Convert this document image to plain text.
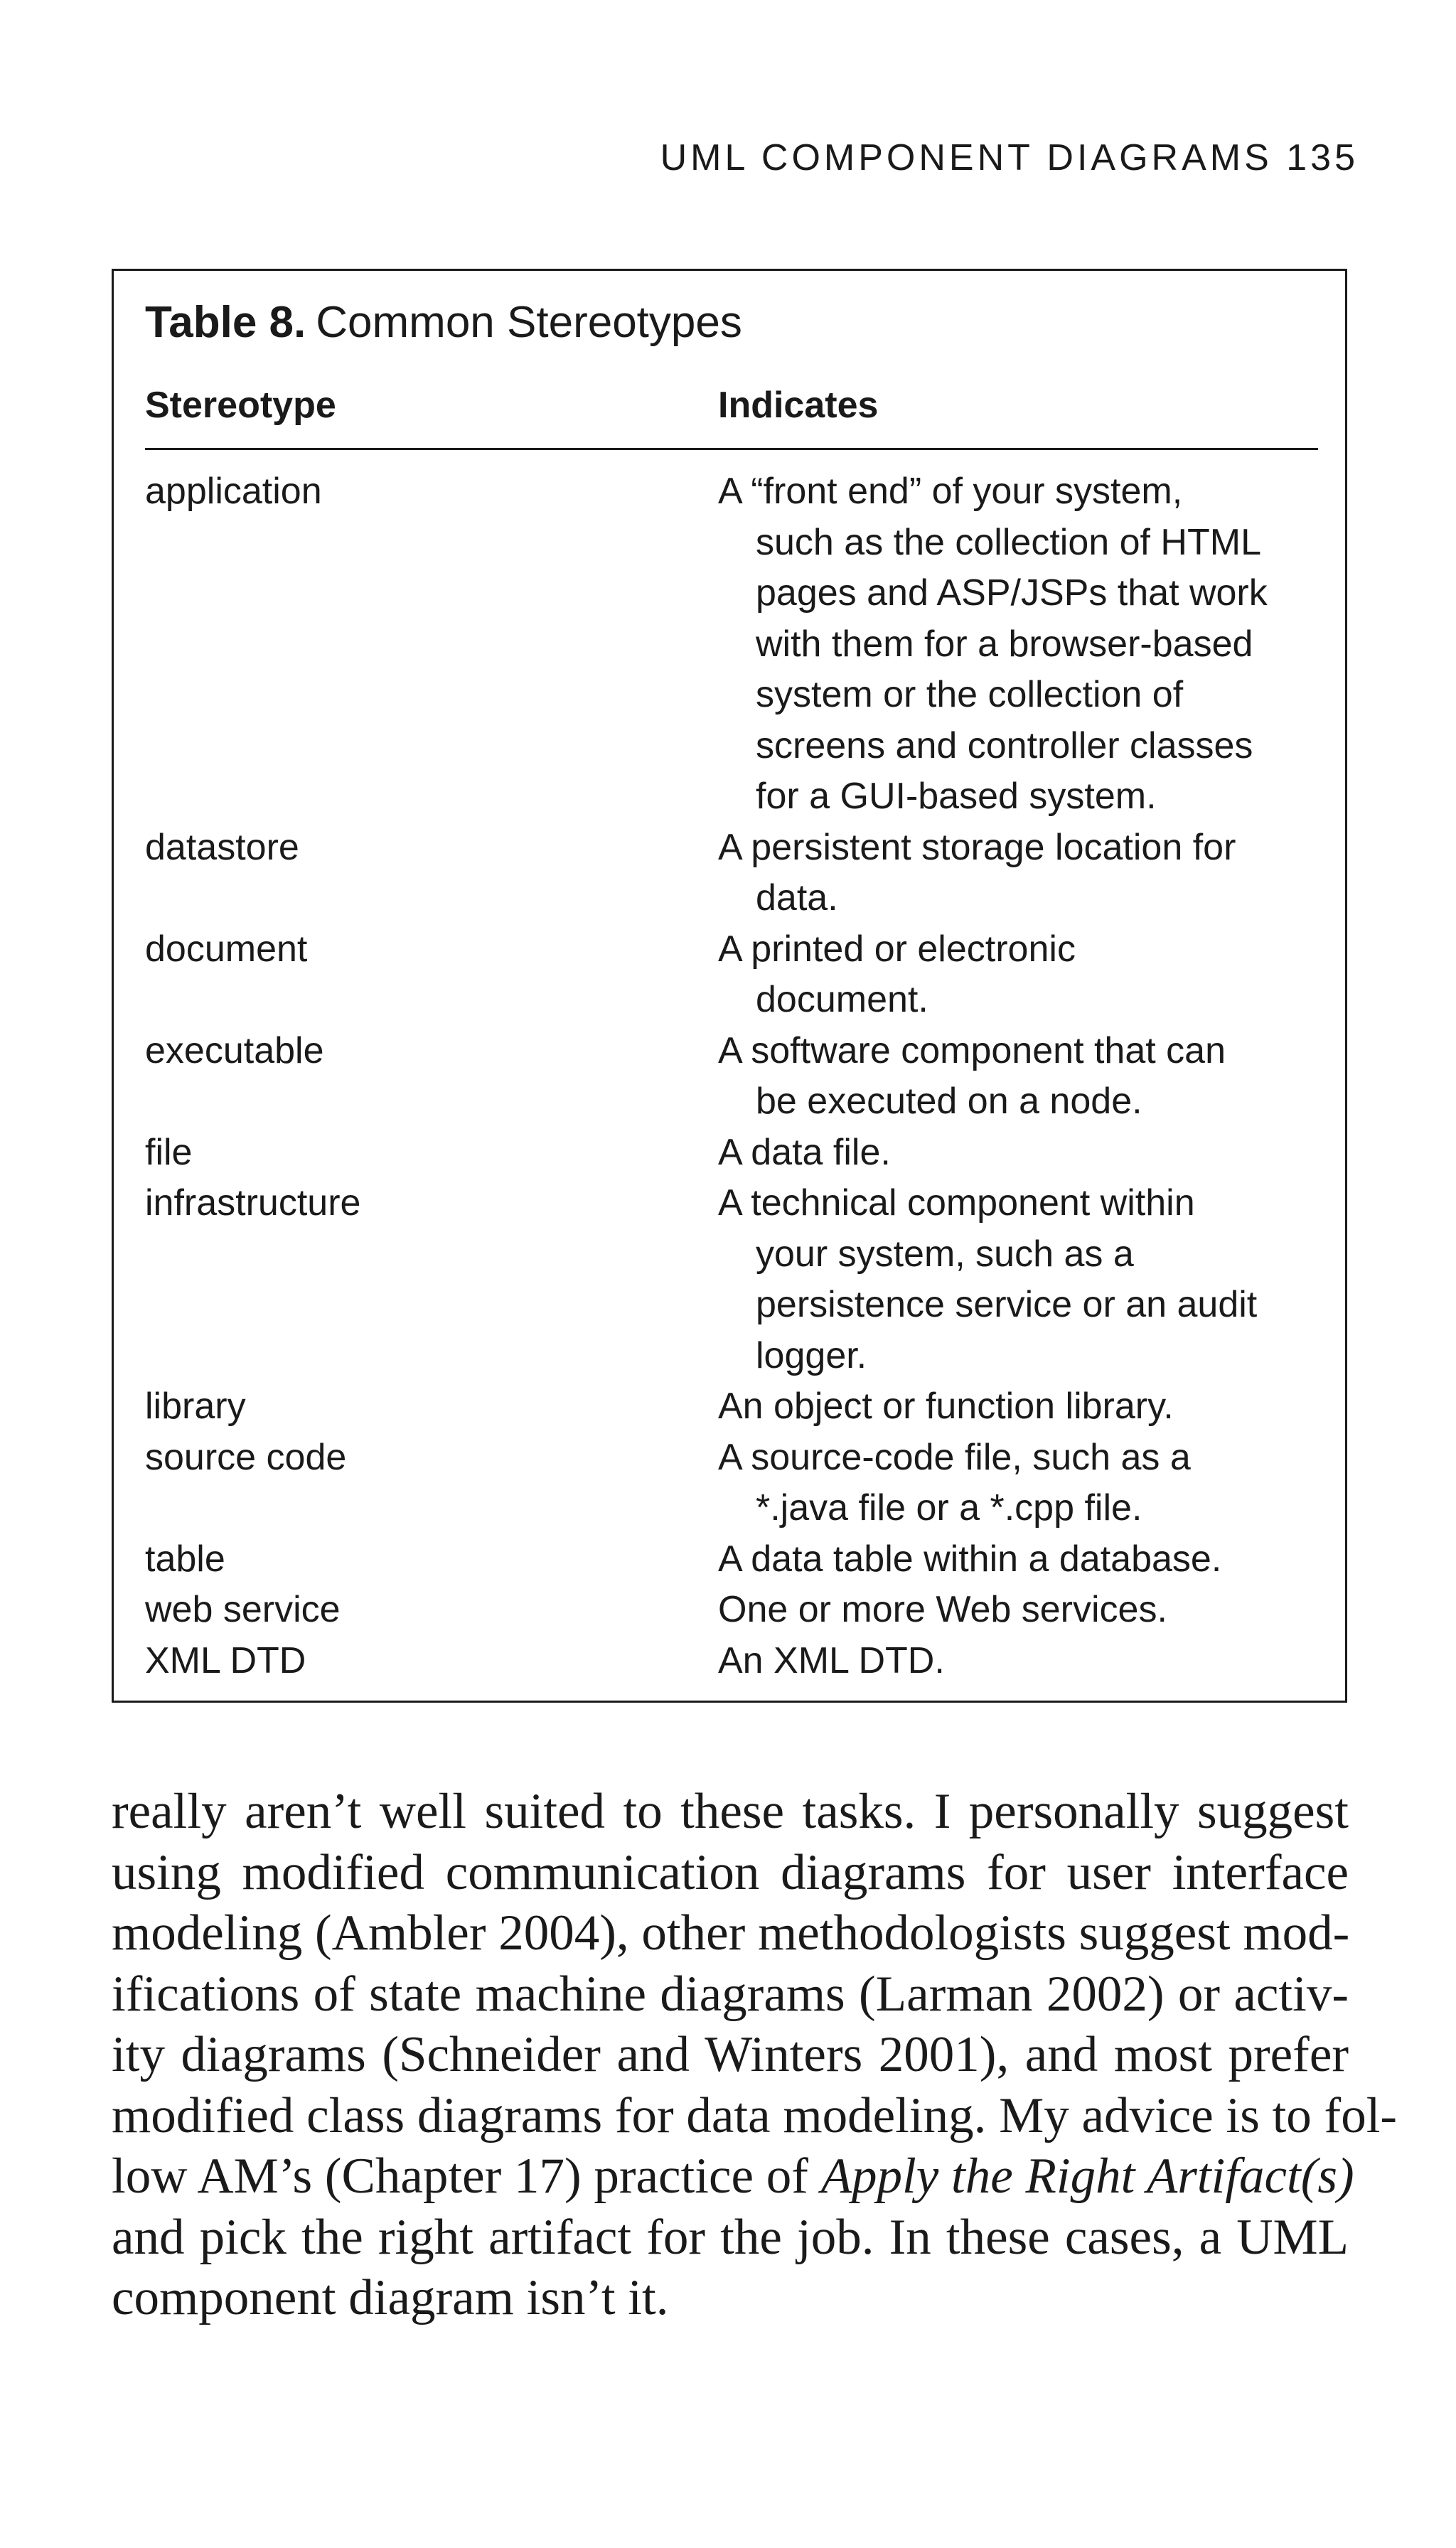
UML COMPONENT DIAGRAMS 135
Table 8. Common Stereotypes
Stereotype	Indicates
application	A “front end” of your system,
such as the collection of HTML
pages and ASP/JSPs that work
with them for a browser-based
system or the collection of
screens and controller classes
for a GUI-based system.
datastore	A persistent storage location for
data.
document	A printed or electronic
document.
executable	A software component that can
be executed on a node.
file	A data file.
infrastructure	A technical component within
your system, such as a
persistence service or an audit
logger.
library	An object or function library.
source code	A source-code file, such as a
*.java file or a *.cpp file.
table	A data table within a database.
web service	One or more Web services.
XML DTD	An XML DTD.
really aren’t well suited to these tasks. I personally suggest
using modified communication diagrams for user interface
modeling (Ambler 2004), other methodologists suggest mod-
ifications of state machine diagrams (Larman 2002) or activ-
ity diagrams (Schneider and Winters 2001), and most prefer
modified class diagrams for data modeling. My advice is to fol-
low AM’s (Chapter 17) practice of Apply the Right Artifact(s)
and pick the right artifact for the job. In these cases, a UML
component diagram isn’t it.
